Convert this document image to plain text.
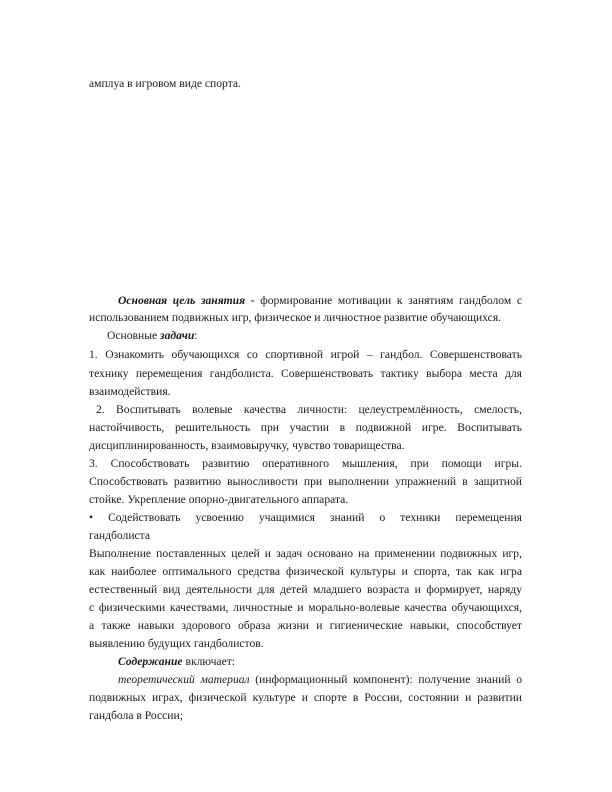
амплуа в игровом виде спорта.
Основная цель занятия - формирование мотивации к занятиям гандболом с
использованием подвижных игр, физическое и личностное развитие обучающихся.
Основные задачи:
1. Ознакомить обучающихся со спортивной игрой – гандбол. Совершенствовать
технику перемещения гандболиста. Совершенствовать тактику выбора места для
взаимодействия.
2. Воспитывать волевые качества личности: целеустремлённость, смелость,
настойчивость, решительность при участии в подвижной игре. Воспитывать
дисциплинированность, взаимовыручку, чувство товарищества.
3. Способствовать развитию оперативного мышления, при помощи игры.
Способствовать развитию выносливости при выполнении упражнений в защитной
стойке. Укрепление опорно-двигательного аппарата.
• Содействовать усвоению учащимися знаний о техники перемещения
гандболиста
Выполнение поставленных целей и задач основано на применении подвижных игр,
как наиболее оптимального средства физической культуры и спорта, так как игра
естественный вид деятельности для детей младшего возраста и формирует, наряду
с физическими качествами, личностные и морально-волевые качества обучающихся,
а также навыки здорового образа жизни и гигиенические навыки, способствует
выявлению будущих гандболистов.
Содержание включает:
теоретический материал (информационный компонент): получение знаний о
подвижных играх, физической культуре и спорте в России, состоянии и развитии
гандбола в России;
